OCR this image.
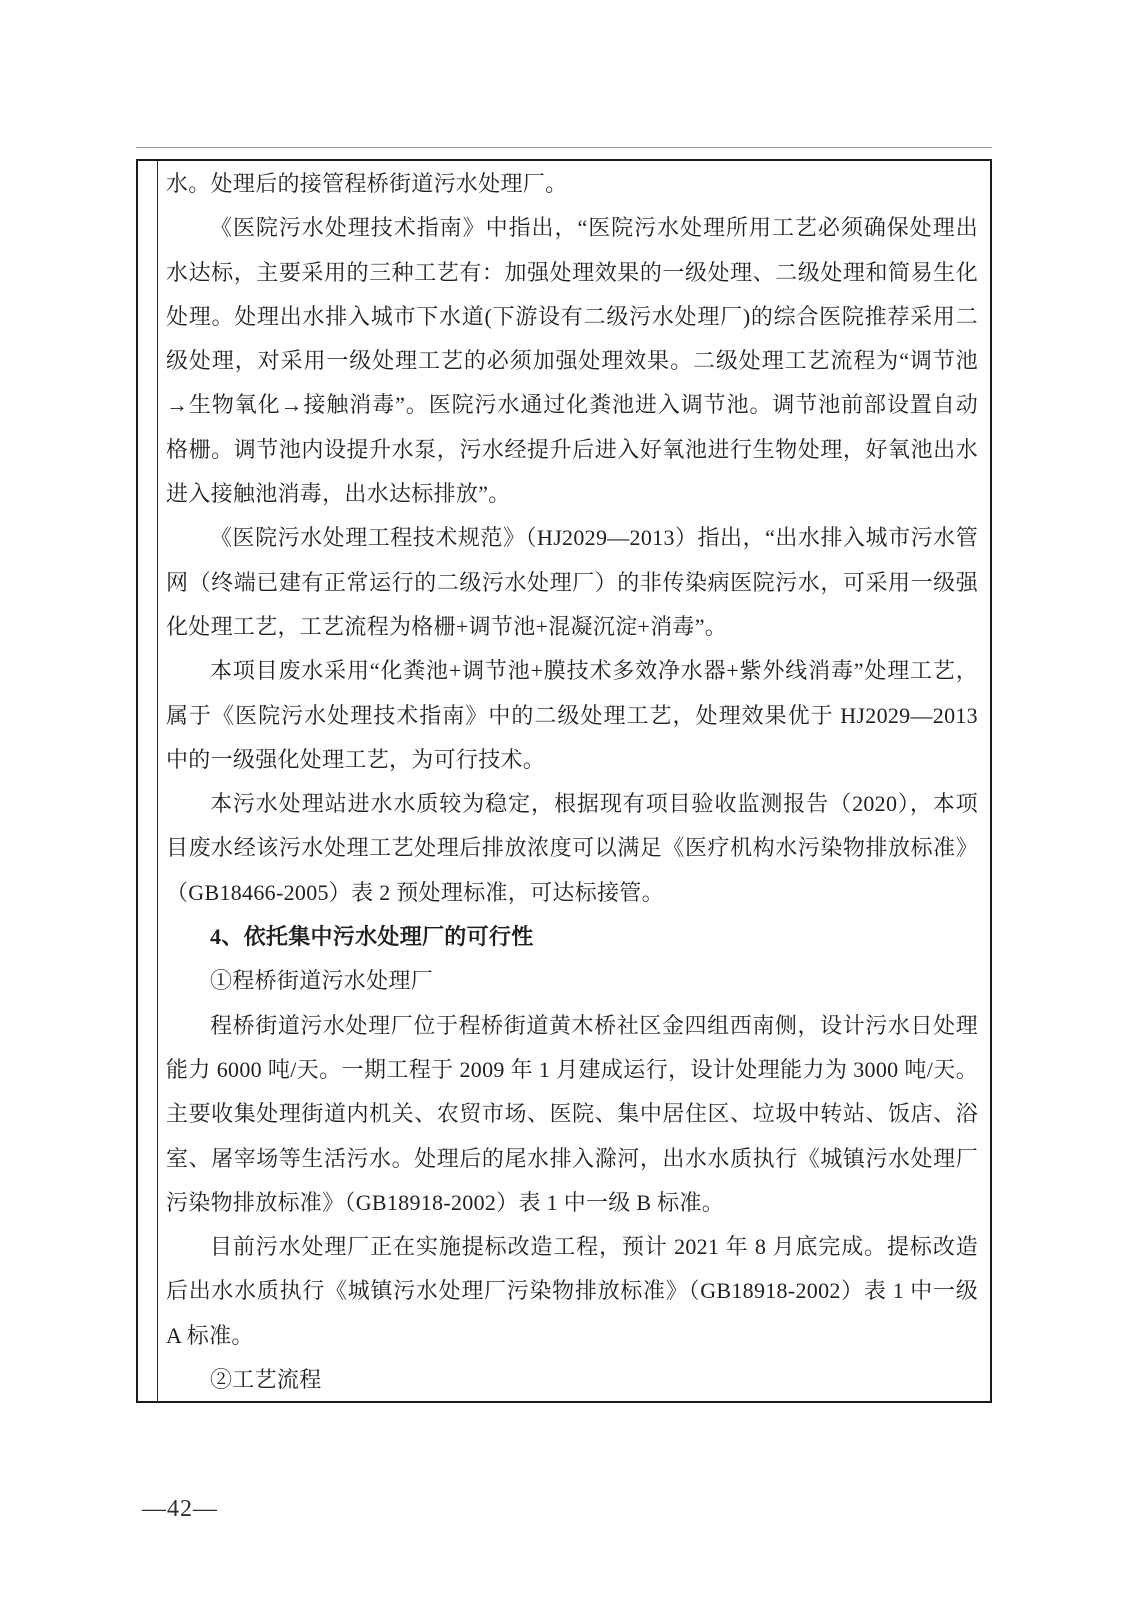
水。处理后的接管程桥街道污水处理厂。

《医院污水处理技术指南》中指出，“医院污水处理所用工艺必须确保处理出水达标，主要采用的三种工艺有：加强处理效果的一级处理、二级处理和简易生化处理。处理出水排入城市下水道(下游设有二级污水处理厂)的综合医院推荐采用二级处理，对采用一级处理工艺的必须加强处理效果。二级处理工艺流程为“调节池→生物氧化→接触消毒”。医院污水通过化粪池进入调节池。调节池前部设置自动格栅。调节池内设提升水泵，污水经提升后进入好氧池进行生物处理，好氧池出水进入接触池消毒，出水达标排放”。

《医院污水处理工程技术规范》（HJ2029—2013）指出，“出水排入城市污水管网（终端已建有正常运行的二级污水处理厂）的非传染病医院污水，可采用一级强化处理工艺，工艺流程为格栅+调节池+混凝沉淀+消毒”。

本项目废水采用“化粪池+调节池+膜技术多效净水器+紫外线消毒”处理工艺，属于《医院污水处理技术指南》中的二级处理工艺，处理效果优于 HJ2029—2013 中的一级强化处理工艺，为可行技术。

本污水处理站进水水质较为稳定，根据现有项目验收监测报告（2020），本项目废水经该污水处理工艺处理后排放浓度可以满足《医疗机构水污染物排放标准》（GB18466-2005）表 2 预处理标准，可达标接管。

4、依托集中污水处理厂的可行性

①程桥街道污水处理厂

程桥街道污水处理厂位于程桥街道黄木桥社区金四组西南侧，设计污水日处理能力 6000 吨/天。一期工程于 2009 年 1 月建成运行，设计处理能力为 3000 吨/天。主要收集处理街道内机关、农贸市场、医院、集中居住区、垃圾中转站、饭店、浴室、屠宰场等生活污水。处理后的尾水排入滁河，出水水质执行《城镇污水处理厂污染物排放标准》（GB18918-2002）表 1 中一级 B 标准。

目前污水处理厂正在实施提标改造工程，预计 2021 年 8 月底完成。提标改造后出水水质执行《城镇污水处理厂污染物排放标准》（GB18918-2002）表 1 中一级 A 标准。

②工艺流程

—42—
